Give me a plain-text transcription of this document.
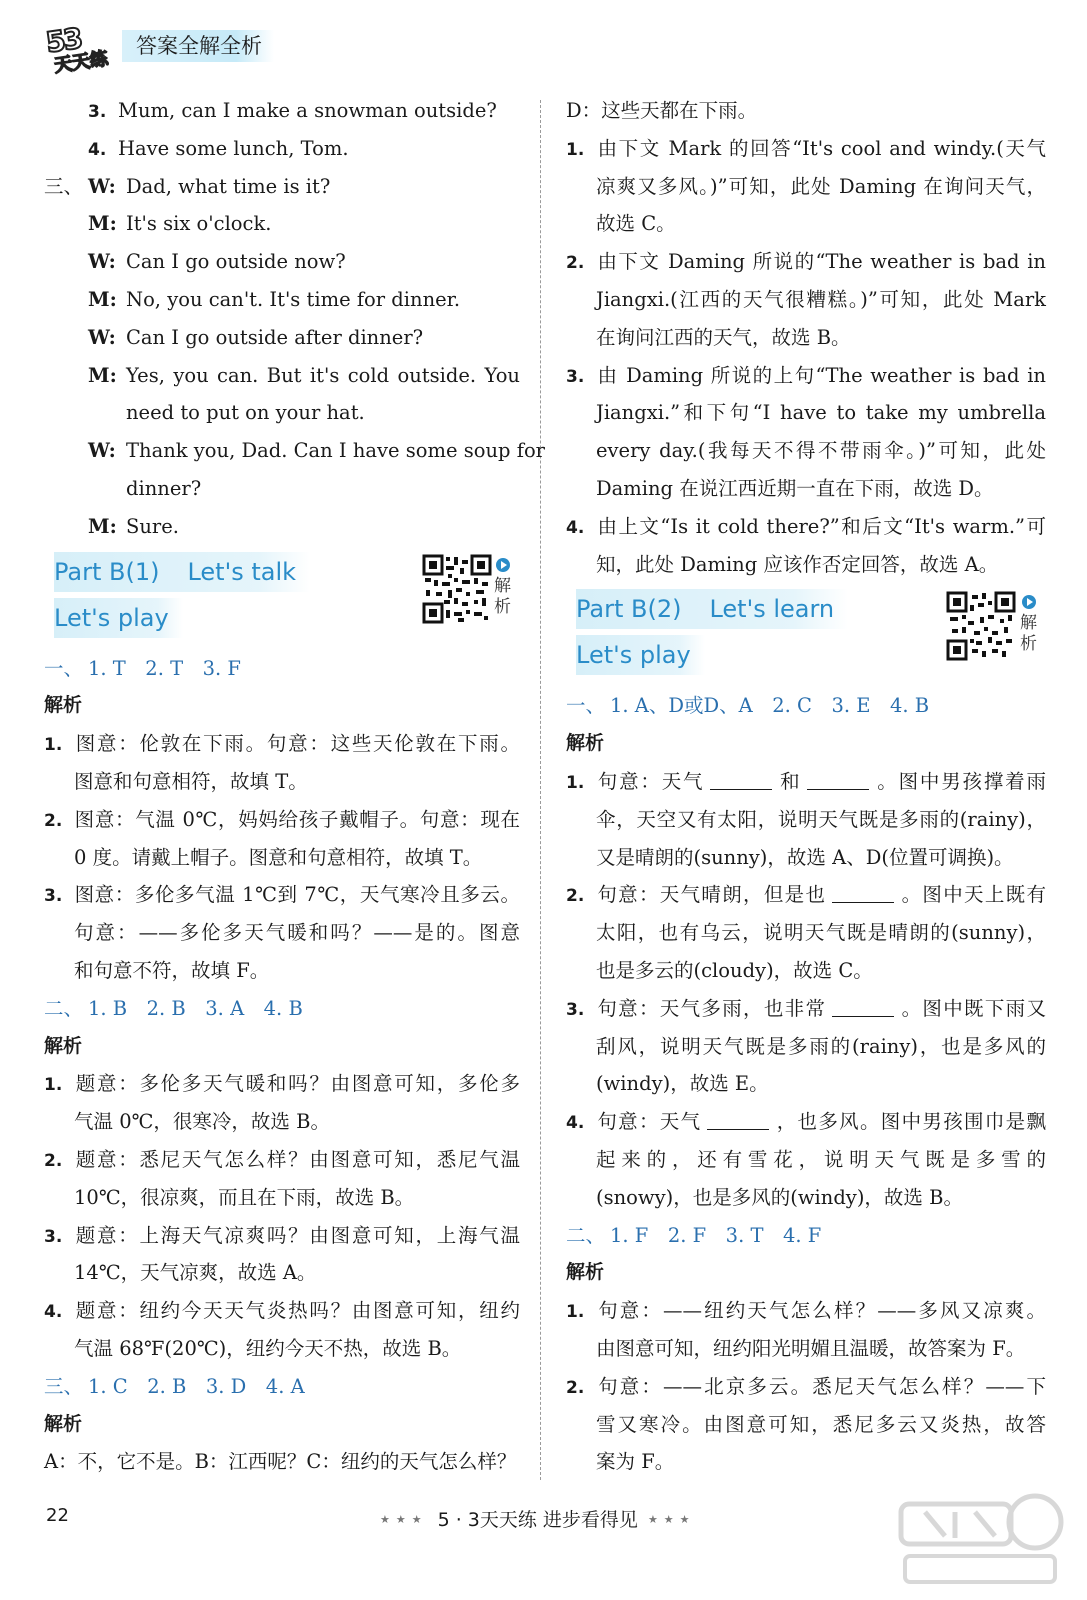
53
天天练
答案全解全析
3. Mum, can I make a snowman outside?
4. Have some lunch, Tom.
三、 W: Dad, what time is it?
M: It's six o'clock.
W: Can I go outside now?
M: No, you can't. It's time for dinner.
W: Can I go outside after dinner?
M: Yes, you can. But it's cold outside. You
need to put on your hat.
W: Thank you, Dad. Can I have some soup for
dinner?
M: Sure.
Part B(1) Let's talk
Let's play
解析
一、 1. T　2. T　3. F
解析
1. 图意：伦敦在下雨。句意：这些天伦敦在下雨。
图意和句意相符，故填 T。
2. 图意：气温 0℃，妈妈给孩子戴帽子。句意：现在
0 度。请戴上帽子。图意和句意相符，故填 T。
3. 图意：多伦多气温 1℃到 7℃，天气寒冷且多云。
句意：——多伦多天气暖和吗？——是的。图意
和句意不符，故填 F。
二、 1. B　2. B　3. A　4. B
解析
1. 题意：多伦多天气暖和吗？由图意可知，多伦多
气温 0℃，很寒冷，故选 B。
2. 题意：悉尼天气怎么样？由图意可知，悉尼气温
10℃，很凉爽，而且在下雨，故选 B。
3. 题意：上海天气凉爽吗？由图意可知，上海气温
14℃，天气凉爽，故选 A。
4. 题意：纽约今天天气炎热吗？由图意可知，纽约
气温 68℉(20℃)，纽约今天不热，故选 B。
三、 1. C　2. B　3. D　4. A
解析
A：不，它不是。B：江西呢？C：纽约的天气怎么样？
D：这些天都在下雨。
1. 由下文 Mark 的回答“It's cool and windy.(天气
凉爽又多风。)”可知，此处 Daming 在询问天气，
故选 C。
2. 由下文 Daming 所说的“The weather is bad in
Jiangxi.(江西的天气很糟糕。)”可知，此处 Mark
在询问江西的天气，故选 B。
3. 由 Daming 所说的上句“The weather is bad in
Jiangxi.”和下句“I have to take my umbrella
every day.(我每天不得不带雨伞。)”可知，此处
Daming 在说江西近期一直在下雨，故选 D。
4. 由上文“Is it cold there?”和后文“It's warm.”可
知，此处 Daming 应该作否定回答，故选 A。
Part B(2) Let's learn
Let's play
解析
一、 1. A、D或D、A　2. C　3. E　4. B
解析
1. 句意：天气	和	。图中男孩撑着雨
伞，天空又有太阳，说明天气既是多雨的(rainy)，
又是晴朗的(sunny)，故选 A、D(位置可调换)。
2. 句意：天气晴朗，但是也	。图中天上既有
太阳，也有乌云，说明天气既是晴朗的(sunny)，
也是多云的(cloudy)，故选 C。
3. 句意：天气多雨，也非常	。图中既下雨又
刮风，说明天气既是多雨的(rainy)，也是多风的
(windy)，故选 E。
4. 句意：天气	，也多风。图中男孩围巾是飘
起来的，还有雪花，说明天气既是多雪的
(snowy)，也是多风的(windy)，故选 B。
二、 1. F　2. F　3. T　4. F
解析
1. 句意：——纽约天气怎么样？——多风又凉爽。
由图意可知，纽约阳光明媚且温暖，故答案为 F。
2. 句意：——北京多云。悉尼天气怎么样？——下
雪又寒冷。由图意可知，悉尼多云又炎热，故答
案为 F。
22	★★★ 5 · 3天天练 进步看得见 ★★★
